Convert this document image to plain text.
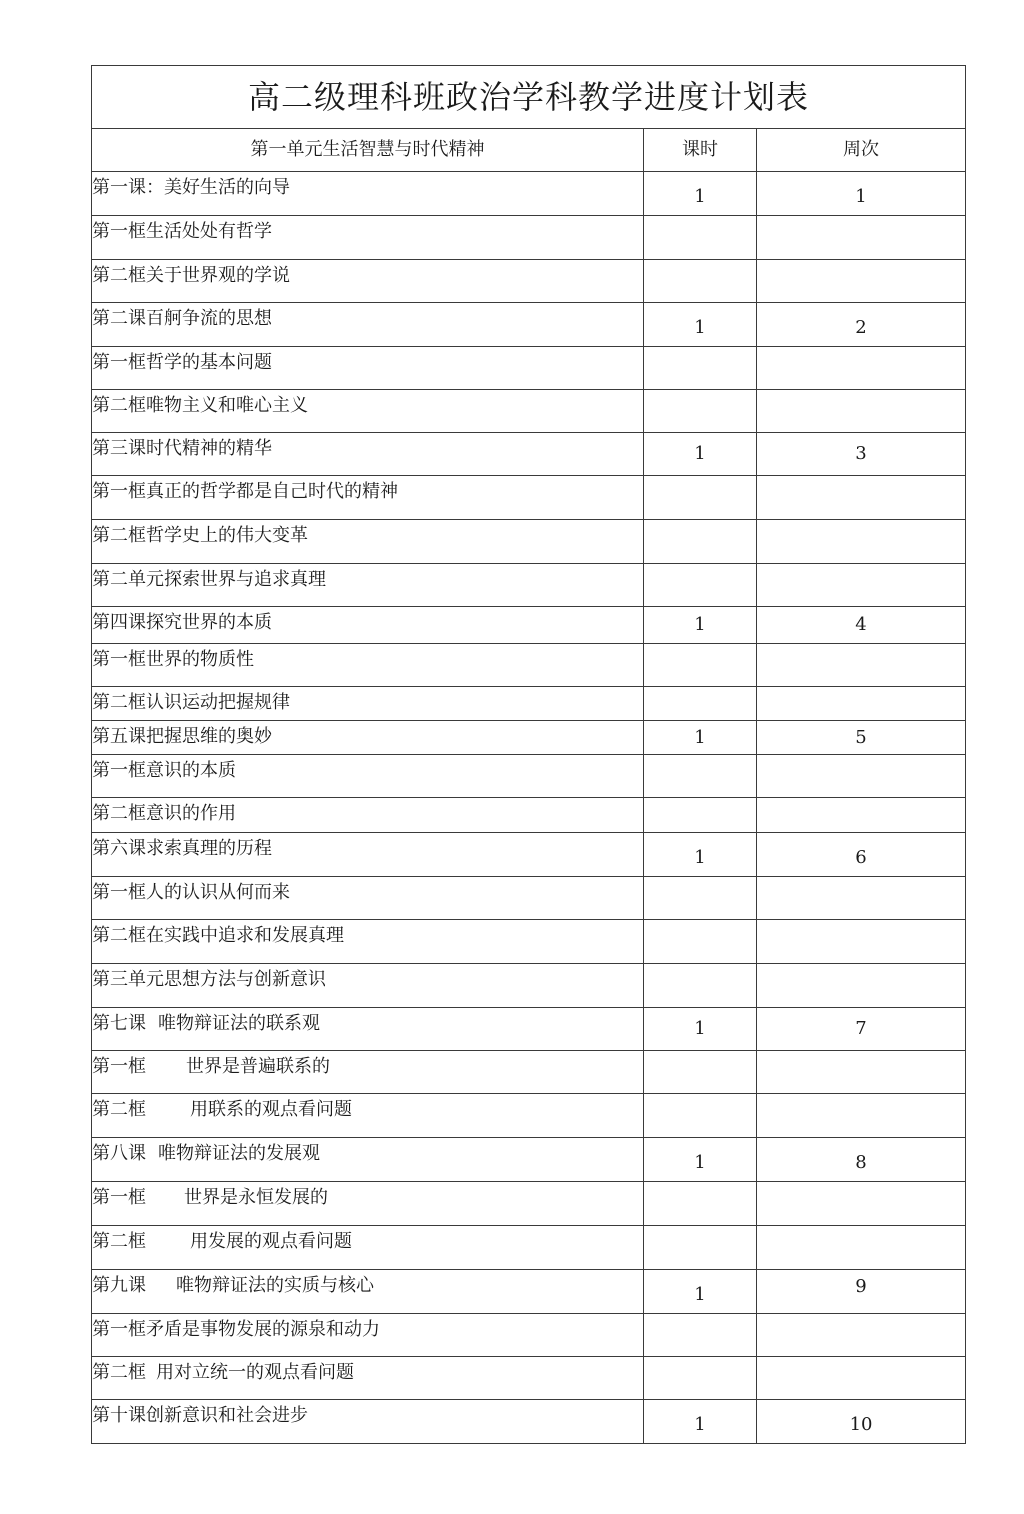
高二级理科班政治学科教学进度计划表		
第一单元生活智慧与时代精神	课时	周次

第一课：美好生活的向导	1	1

第一框生活处处有哲学		

第二框关于世界观的学说		

第二课百舸争流的思想	1	2

第一框哲学的基本问题		

第二框唯物主义和唯心主义		

第三课时代精神的精华	1	3

第一框真正的哲学都是自己时代的精神		

第二框哲学史上的伟大变革		

第二单元探索世界与追求真理		

第四课探究世界的本质	1	4

第一框世界的物质性		

第二框认识运动把握规律		

第五课把握思维的奥妙	1	5

第一框意识的本质		

第二框意识的作用		

第六课求索真理的历程	1	6

第一框人的认识从何而来		

第二框在实践中追求和发展真理		

第三单元思想方法与创新意识		

第七课 唯物辩证法的联系观	1	7

第一框 世界是普遍联系的		

第二框 用联系的观点看问题		

第八课 唯物辩证法的发展观	1	8

第一框 世界是永恒发展的		

第二框 用发展的观点看问题		

第九课 唯物辩证法的实质与核心	1	9

第一框矛盾是事物发展的源泉和动力		

第二框 用对立统一的观点看问题		

第十课创新意识和社会进步	1	10
